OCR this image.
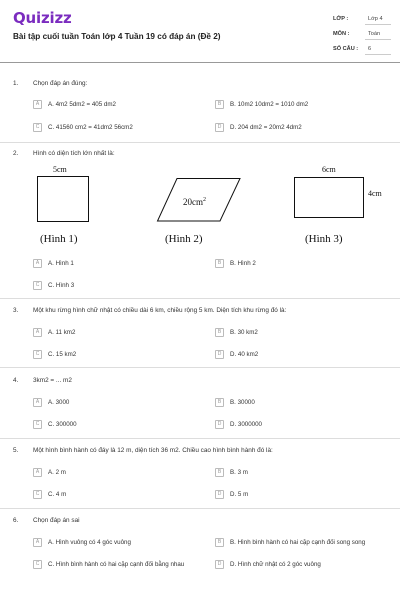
Quizizz
Bài tập cuối tuần Toán lớp 4 Tuần 19 có đáp án (Đề 2)
LỚP :	Lớp 4
MÔN :	Toán
SỐ CÂU : 6
1. Chọn đáp án đúng:
A	A. 4m2 5dm2 = 405 dm2	B	B. 10m2 10dm2 = 1010 dm2
C	C. 41560 cm2 = 41dm2 56cm2	D	D. 204 dm2 = 20m2 4dm2
2. Hình có diện tích lớn nhất là:
5cm
(Hình 1)
$20cm^2$
(Hình 2)
6cm
4cm
(Hình 3)
A	A. Hình 1	B	B. Hình 2
C	C. Hình 3
3. Một khu rừng hình chữ nhật có chiều dài 6 km, chiều rộng 5 km. Diện tích khu rừng đó là:
A	A. 11 km2	B	B. 30 km2
C	C. 15 km2	D	D. 40 km2
4. 3km2 = ... m2
A	A. 3000	B	B. 30000
C	C. 300000	D	D. 3000000
5. Một hình bình hành có đáy là 12 m, diện tích 36 m2. Chiều cao hình bình hành đó là:
A	A. 2 m	B	B. 3 m
C	C. 4 m	D	D. 5 m
6. Chọn đáp án sai
A	A. Hình vuông có 4 góc vuông	B	B. Hình bình hành có hai cặp cạnh đối song song
C	C. Hình bình hành có hai cặp cạnh đối bằng nhau	D	D. Hình chữ nhật có 2 góc vuông
